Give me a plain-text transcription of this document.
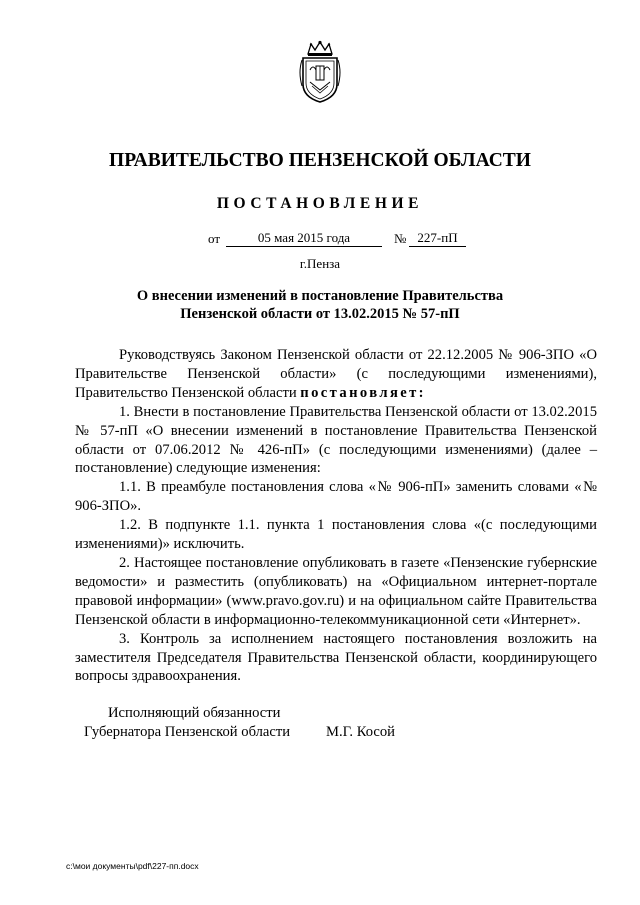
ПРАВИТЕЛЬСТВО ПЕНЗЕНСКОЙ ОБЛАСТИ
ПОСТАНОВЛЕНИЕ
от	05 мая 2015 года	№ 227-пП
г.Пенза
О внесении изменений в постановление Правительства
Пензенской области от 13.02.2015 № 57-пП

Руководствуясь Законом Пензенской области от 22.12.2005 № 906-ЗПО «О Правительстве Пензенской области» (с последующими изменениями), Правительство Пензенской области постановляет:

1. Внести в постановление Правительства Пензенской области от 13.02.2015 № 57-пП «О внесении изменений в постановление Правительства Пензенской области от 07.06.2012 № 426-пП» (с последующими изменениями) (далее – постановление) следующие изменения:

1.1. В преамбуле постановления слова «№ 906-пП» заменить словами «№ 906-ЗПО».

1.2. В подпункте 1.1. пункта 1 постановления слова «(с последующими изменениями)» исключить.

2. Настоящее постановление опубликовать в газете «Пензенские губернские ведомости» и разместить (опубликовать) на «Официальном интернет-портале правовой информации» (www.pravo.gov.ru) и на официальном сайте Правительства Пензенской области в информационно-телекоммуникационной сети «Интернет».

3. Контроль за исполнением настоящего постановления возложить на заместителя Председателя Правительства Пензенской области, координирующего вопросы здравоохранения.

Исполняющий обязанности
Губернатора Пензенской области М.Г. Косой
c:\мои документы\pdf\227-пп.docx
